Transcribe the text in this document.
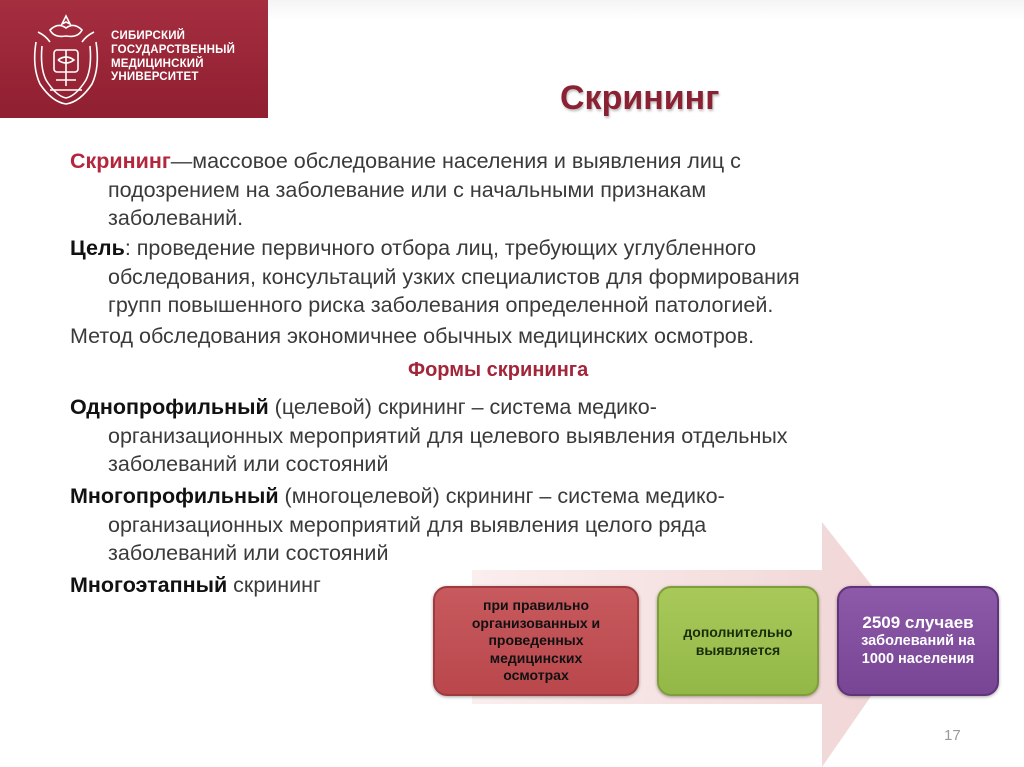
СИБИРСКИЙ
ГОСУДАРСТВЕННЫЙ
МЕДИЦИНСКИЙ
УНИВЕРСИТЕТ
Скрининг
Скрининг—массовое обследование населения и выявления лиц с
подозрением на заболевание или с начальными признакам
заболеваний.
Цель: проведение первичного отбора лиц, требующих углубленного
обследования, консультаций узких специалистов для формирования
групп повышенного риска заболевания определенной патологией.
Метод обследования экономичнее обычных медицинских осмотров.
Формы скрининга
Однопрофильный (целевой) скрининг – система медико-
организационных мероприятий для целевого выявления отдельных
заболеваний или состояний
Многопрофильный (многоцелевой) скрининг – система медико-
организационных мероприятий для выявления целого ряда
заболеваний или состояний
Многоэтапный скрининг
при правильно
организованных и
проведенных
медицинских
осмотрах
дополнительно
выявляется
2509 случаев
заболеваний на
1000 населения
17
